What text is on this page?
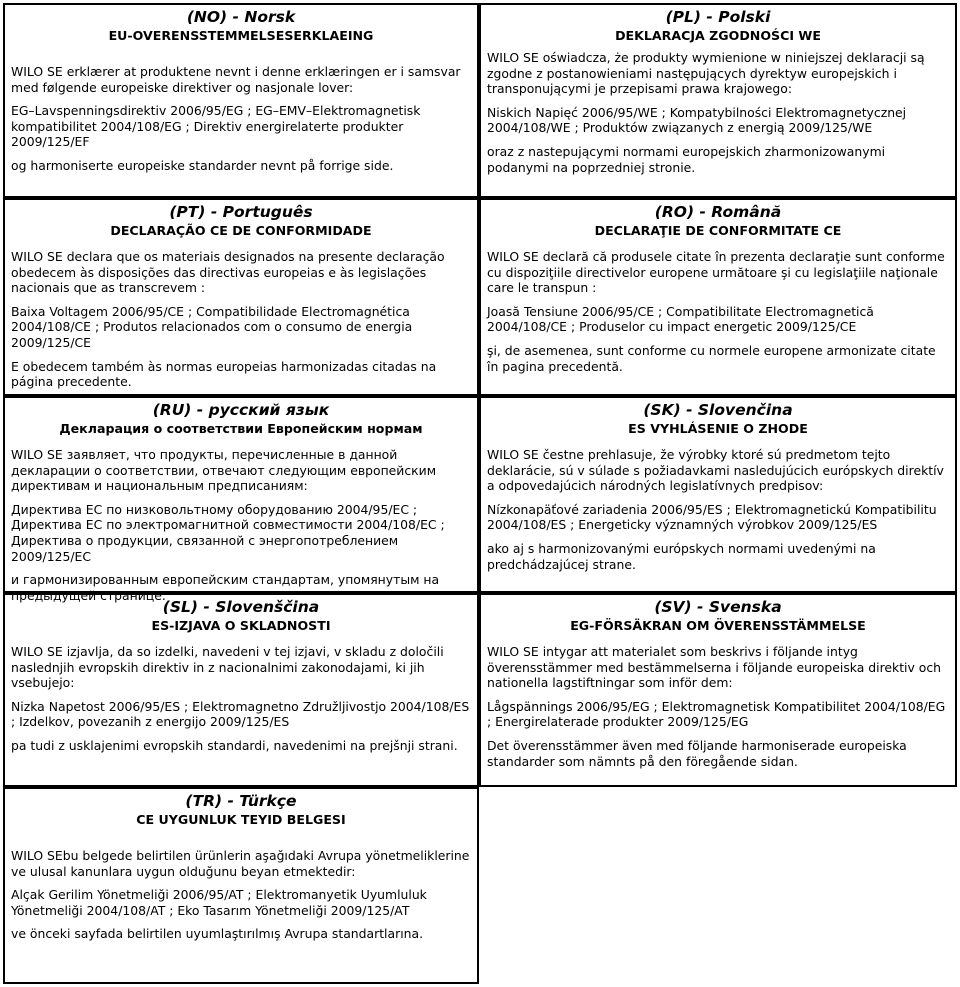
(NO) - Norsk
EU-OVERENSSTEMMELSESERKLAEING
WILO SE erklærer at produktene nevnt i denne erklæringen er i samsvar med følgende europeiske direktiver og nasjonale lover:
EG–Lavspenningsdirektiv 2006/95/EG ; EG–EMV–Elektromagnetisk kompatibilitet 2004/108/EG ; Direktiv energirelaterte produkter 2009/125/EF
og harmoniserte europeiske standarder nevnt på forrige side.
(PL) - Polski
DEKLARACJA ZGODNOŚCI WE
WILO SE oświadcza, że produkty wymienione w niniejszej deklaracji są zgodne z postanowieniami następujących dyrektyw europejskich i transponującymi je przepisami prawa krajowego:
Niskich Napięć 2006/95/WE ; Kompatybilności Elektromagnetycznej 2004/108/WE ; Produktów związanych z energią 2009/125/WE
oraz z nastepującymi normami europejskich zharmonizowanymi podanymi na poprzedniej stronie.
(PT) - Português
DECLARAÇÃO CE DE CONFORMIDADE
WILO SE declara que os materiais designados na presente declaração obedecem às disposições das directivas europeias e às legislações nacionais que as transcrevem :
Baixa Voltagem 2006/95/CE ; Compatibilidade Electromagnética 2004/108/CE ; Produtos relacionados com o consumo de energia 2009/125/CE
E obedecem também às normas europeias harmonizadas citadas na página precedente.
(RO) - Română
DECLARAŢIE DE CONFORMITATE CE
WILO SE declară că produsele citate în prezenta declaraţie sunt conforme cu dispoziţiile directivelor europene următoare şi cu legislaţiile naţionale care le transpun :
Joasă Tensiune 2006/95/CE ; Compatibilitate Electromagnetică 2004/108/CE ; Produselor cu impact energetic 2009/125/CE
şi, de asemenea, sunt conforme cu normele europene armonizate citate în pagina precedentă.
(RU) - русский язык
Декларация о соответствии Европейским нормам
WILO SE заявляет, что продукты, перечисленные в данной декларации о соответствии, отвечают следующим европейским директивам и национальным предписаниям:
Директива ЕС по низковольтному оборудованию 2004/95/EC ; Директива ЕС по электромагнитной совместимости 2004/108/EC ; Директива о продукции, связанной с энергопотреблением 2009/125/EC
и гармонизированным европейским стандартам, упомянутым на предыдущей странице.
(SK) - Slovenčina
ES VYHLÁSENIE O ZHODE
WILO SE čestne prehlasuje, že výrobky ktoré sú predmetom tejto deklarácie, sú v súlade s požiadavkami nasledujúcich európskych direktív a odpovedajúcich národných legislatívnych predpisov:
Nízkonapäťové zariadenia 2006/95/ES ; Elektromagnetickú Kompatibilitu 2004/108/ES ; Energeticky významných výrobkov 2009/125/ES
ako aj s harmonizovanými európskych normami uvedenými na predchádzajúcej strane.
(SL) - Slovenščina
ES-IZJAVA O SKLADNOSTI
WILO SE izjavlja, da so izdelki, navedeni v tej izjavi, v skladu z določili naslednjih evropskih direktiv in z nacionalnimi zakonodajami, ki jih vsebujejo:
Nizka Napetost 2006/95/ES ; Elektromagnetno Združljivostjo 2004/108/ES ; Izdelkov, povezanih z energijo 2009/125/ES
pa tudi z usklajenimi evropskih standardi, navedenimi na prejšnji strani.
(SV) - Svenska
EG-FÖRSÄKRAN OM ÖVERENSSTÄMMELSE
WILO SE intygar att materialet som beskrivs i följande intyg överensstämmer med bestämmelserna i följande europeiska direktiv och nationella lagstiftningar som inför dem:
Lågspännings 2006/95/EG ; Elektromagnetisk Kompatibilitet 2004/108/EG ; Energirelaterade produkter 2009/125/EG
Det överensstämmer även med följande harmoniserade europeiska standarder som nämnts på den föregående sidan.
(TR) - Türkçe
CE UYGUNLUK TEYID BELGESI
WILO SEbu belgede belirtilen ürünlerin aşağıdaki Avrupa yönetmeliklerine ve ulusal kanunlara uygun olduğunu beyan etmektedir:
Alçak Gerilim Yönetmeliği 2006/95/AT ; Elektromanyetik Uyumluluk Yönetmeliği 2004/108/AT ; Eko Tasarım Yönetmeliği 2009/125/AT
ve önceki sayfada belirtilen uyumlaştırılmış Avrupa standartlarına.
